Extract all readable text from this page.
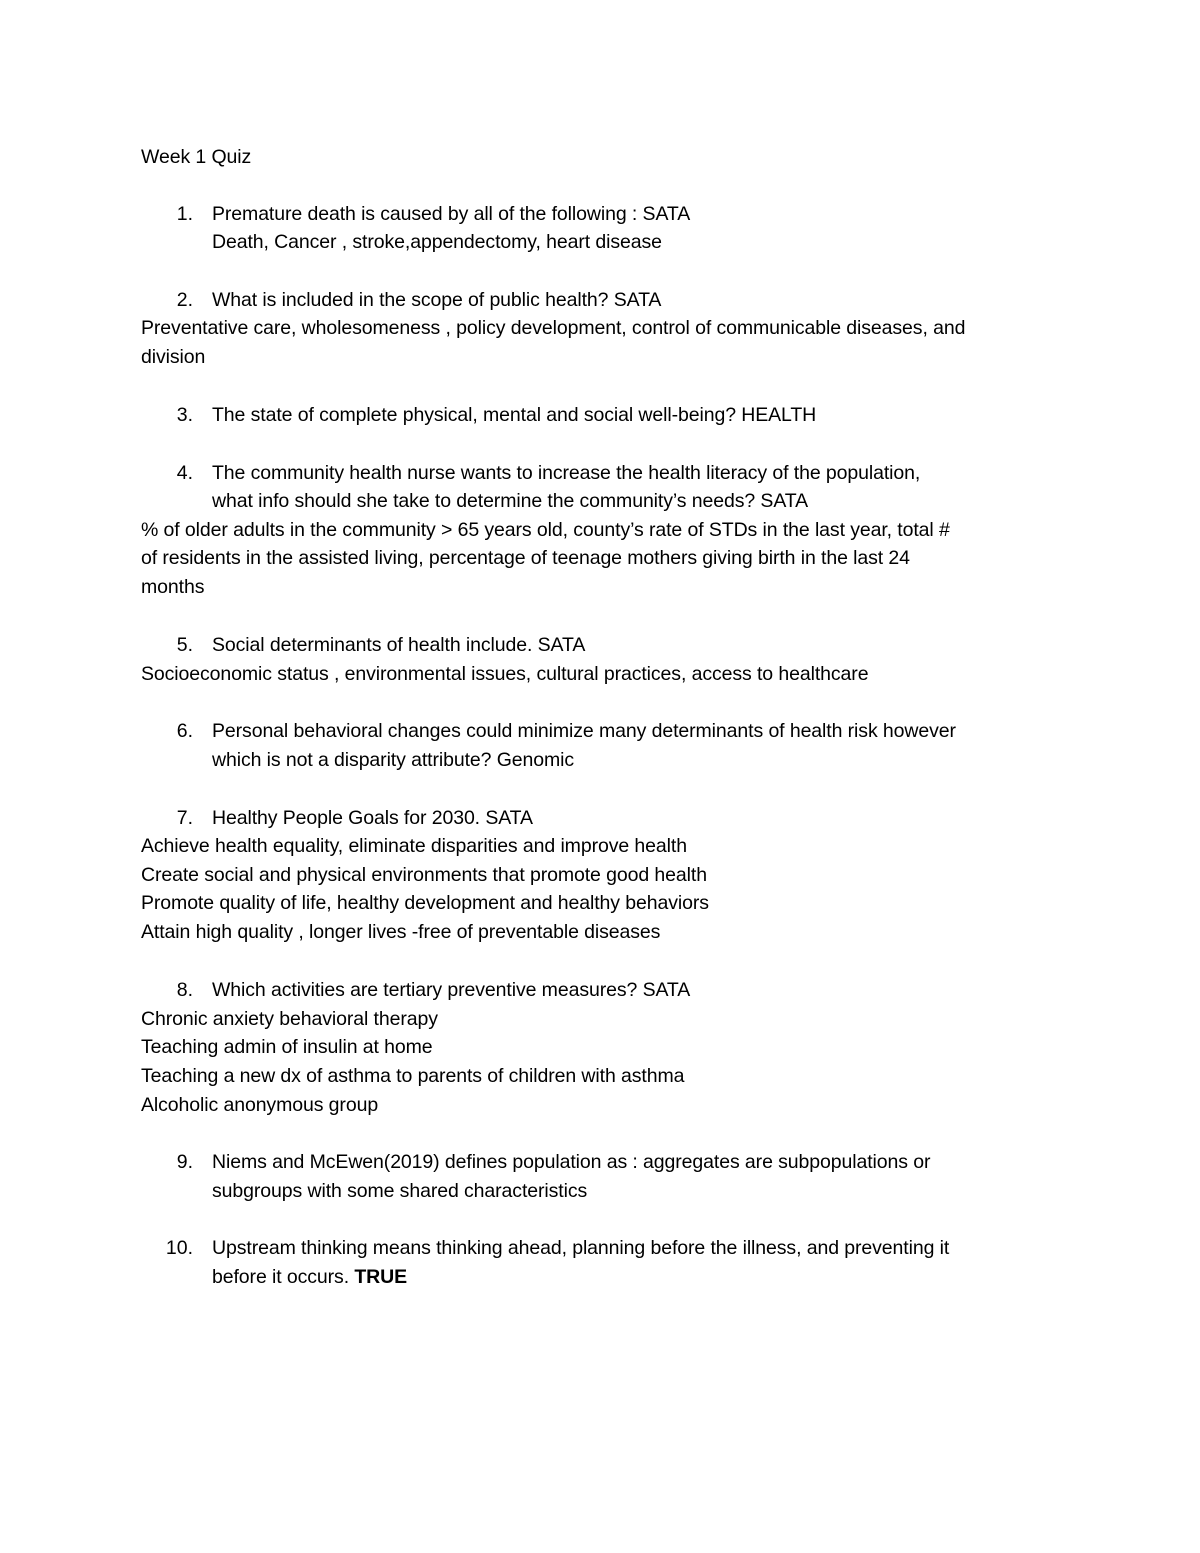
Week 1 Quiz
1. Premature death is caused by all of the following : SATA
Death, Cancer , stroke,appendectomy, heart disease
2. What is included in the scope of public health? SATA
Preventative care, wholesomeness , policy development, control of communicable diseases, and
division
3. The state of complete physical, mental and social well-being? HEALTH
4. The community health nurse wants to increase the health literacy of the population,
what info should she take to determine the community’s needs? SATA
% of older adults in the community > 65 years old, county’s rate of STDs in the last year, total #
of residents in the assisted living, percentage of teenage mothers giving birth in the last 24
months
5. Social determinants of health include. SATA
Socioeconomic status , environmental issues, cultural practices, access to healthcare
6. Personal behavioral changes could minimize many determinants of health risk however
which is not a disparity attribute? Genomic
7. Healthy People Goals for 2030. SATA
Achieve health equality, eliminate disparities and improve health
Create social and physical environments that promote good health
Promote quality of life, healthy development and healthy behaviors
Attain high quality , longer lives -free of preventable diseases
8. Which activities are tertiary preventive measures? SATA
Chronic anxiety behavioral therapy
Teaching admin of insulin at home
Teaching a new dx of asthma to parents of children with asthma
Alcoholic anonymous group
9. Niems and McEwen(2019) defines population as : aggregates are subpopulations or
subgroups with some shared characteristics
10. Upstream thinking means thinking ahead, planning before the illness, and preventing it
before it occurs. TRUE
